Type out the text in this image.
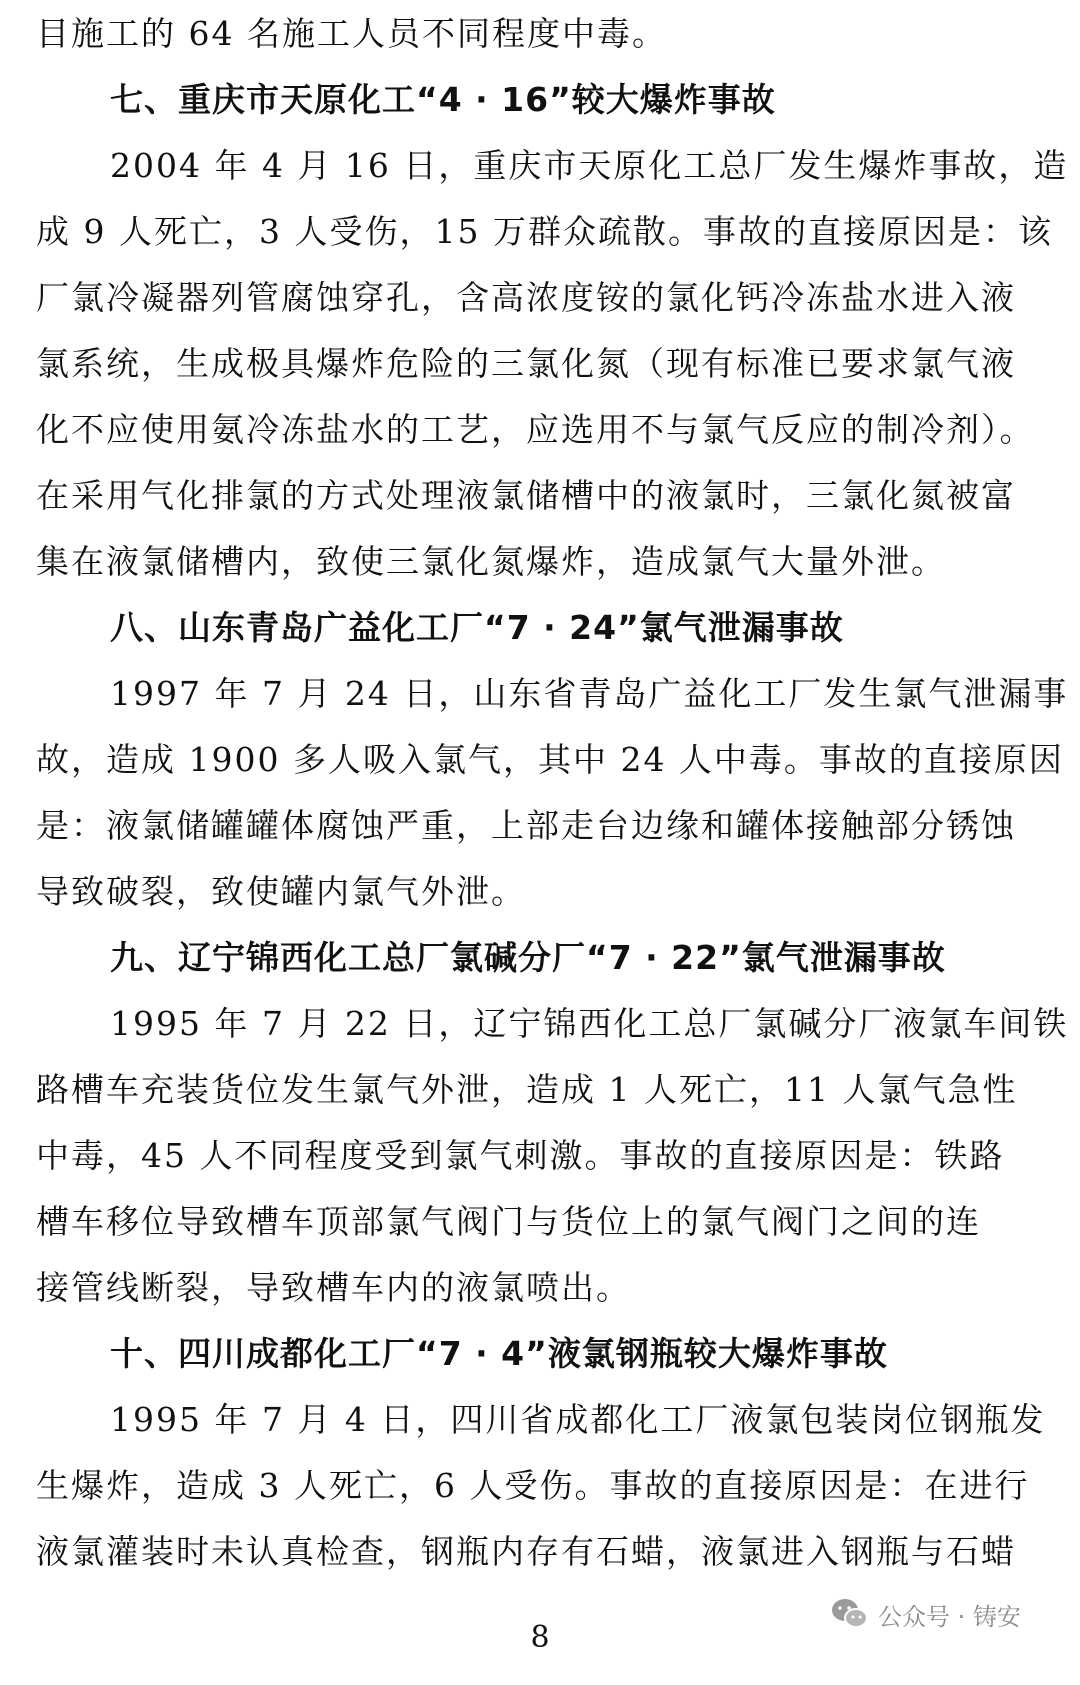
目施工的 64 名施工人员不同程度中毒。
七、重庆市天原化工“4 · 16”较大爆炸事故
2004 年 4 月 16 日，重庆市天原化工总厂发生爆炸事故，造
成 9 人死亡，3 人受伤，15 万群众疏散。事故的直接原因是：该
厂氯冷凝器列管腐蚀穿孔，含高浓度铵的氯化钙冷冻盐水进入液
氯系统，生成极具爆炸危险的三氯化氮（现有标准已要求氯气液
化不应使用氨冷冻盐水的工艺，应选用不与氯气反应的制冷剂）。
在采用气化排氯的方式处理液氯储槽中的液氯时，三氯化氮被富
集在液氯储槽内，致使三氯化氮爆炸，造成氯气大量外泄。
八、山东青岛广益化工厂“7 · 24”氯气泄漏事故
1997 年 7 月 24 日，山东省青岛广益化工厂发生氯气泄漏事
故，造成 1900 多人吸入氯气，其中 24 人中毒。事故的直接原因
是：液氯储罐罐体腐蚀严重，上部走台边缘和罐体接触部分锈蚀
导致破裂，致使罐内氯气外泄。
九、辽宁锦西化工总厂氯碱分厂“7 · 22”氯气泄漏事故
1995 年 7 月 22 日，辽宁锦西化工总厂氯碱分厂液氯车间铁
路槽车充装货位发生氯气外泄，造成 1 人死亡，11 人氯气急性
中毒，45 人不同程度受到氯气刺激。事故的直接原因是：铁路
槽车移位导致槽车顶部氯气阀门与货位上的氯气阀门之间的连
接管线断裂，导致槽车内的液氯喷出。
十、四川成都化工厂“7 · 4”液氯钢瓶较大爆炸事故
1995 年 7 月 4 日，四川省成都化工厂液氯包装岗位钢瓶发
生爆炸，造成 3 人死亡，6 人受伤。事故的直接原因是：在进行
液氯灌装时未认真检查，钢瓶内存有石蜡，液氯进入钢瓶与石蜡
公众号 · 铸安
8
